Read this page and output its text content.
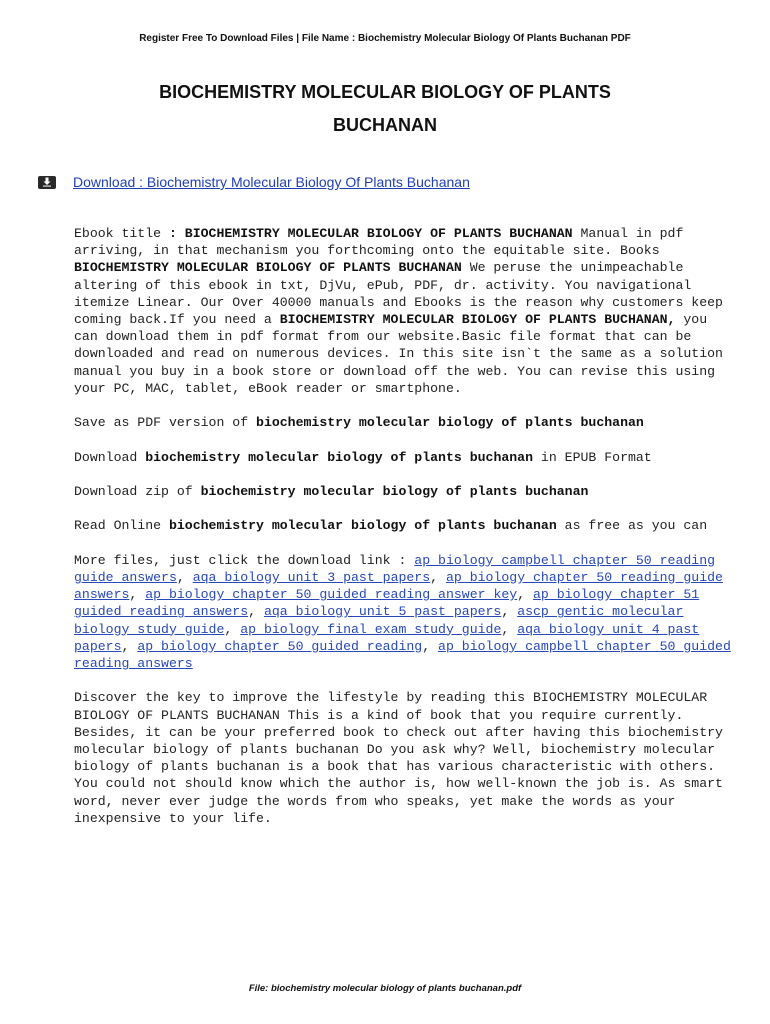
Register Free To Download Files | File Name : Biochemistry Molecular Biology Of Plants Buchanan PDF
BIOCHEMISTRY MOLECULAR BIOLOGY OF PLANTS
BUCHANAN
Download : Biochemistry Molecular Biology Of Plants Buchanan

Ebook title : BIOCHEMISTRY MOLECULAR BIOLOGY OF PLANTS BUCHANAN Manual in pdf arriving, in that mechanism you forthcoming onto the equitable site. Books BIOCHEMISTRY MOLECULAR BIOLOGY OF PLANTS BUCHANAN We peruse the unimpeachable altering of this ebook in txt, DjVu, ePub, PDF, dr. activity. You navigational itemize Linear. Our Over 40000 manuals and Ebooks is the reason why customers keep coming back.If you need a BIOCHEMISTRY MOLECULAR BIOLOGY OF PLANTS BUCHANAN, you can download them in pdf format from our website.Basic file format that can be downloaded and read on numerous devices. In this site isn`t the same as a solution manual you buy in a book store or download off the web. You can revise this using your PC, MAC, tablet, eBook reader or smartphone.

Save as PDF version of biochemistry molecular biology of plants buchanan

Download biochemistry molecular biology of plants buchanan in EPUB Format

Download zip of biochemistry molecular biology of plants buchanan

Read Online biochemistry molecular biology of plants buchanan as free as you can

More files, just click the download link : ap biology campbell chapter 50 reading guide answers, aqa biology unit 3 past papers, ap biology chapter 50 reading guide answers, ap biology chapter 50 guided reading answer key, ap biology chapter 51 guided reading answers, aqa biology unit 5 past papers, ascp gentic molecular biology study guide, ap biology final exam study guide, aqa biology unit 4 past papers, ap biology chapter 50 guided reading, ap biology campbell chapter 50 guided reading answers

Discover the key to improve the lifestyle by reading this BIOCHEMISTRY MOLECULAR BIOLOGY OF PLANTS BUCHANAN This is a kind of book that you require currently. Besides, it can be your preferred book to check out after having this biochemistry molecular biology of plants buchanan Do you ask why? Well, biochemistry molecular biology of plants buchanan is a book that has various characteristic with others. You could not should know which the author is, how well-known the job is. As smart word, never ever judge the words from who speaks, yet make the words as your inexpensive to your life.

File: biochemistry molecular biology of plants buchanan.pdf
